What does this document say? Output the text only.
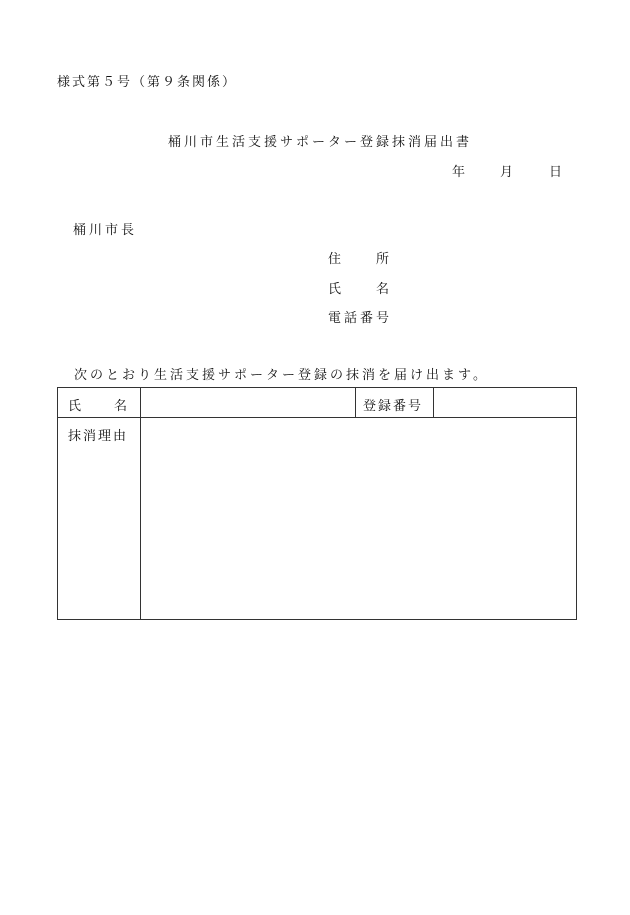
様式第５号（第９条関係）
桶川市生活支援サポーター登録抹消届出書
年	月	日
桶川市長
住	所
氏	名
電話番号
次のとおり生活支援サポーター登録の抹消を届け出ます。
氏	名	登録番号
抹消理由
